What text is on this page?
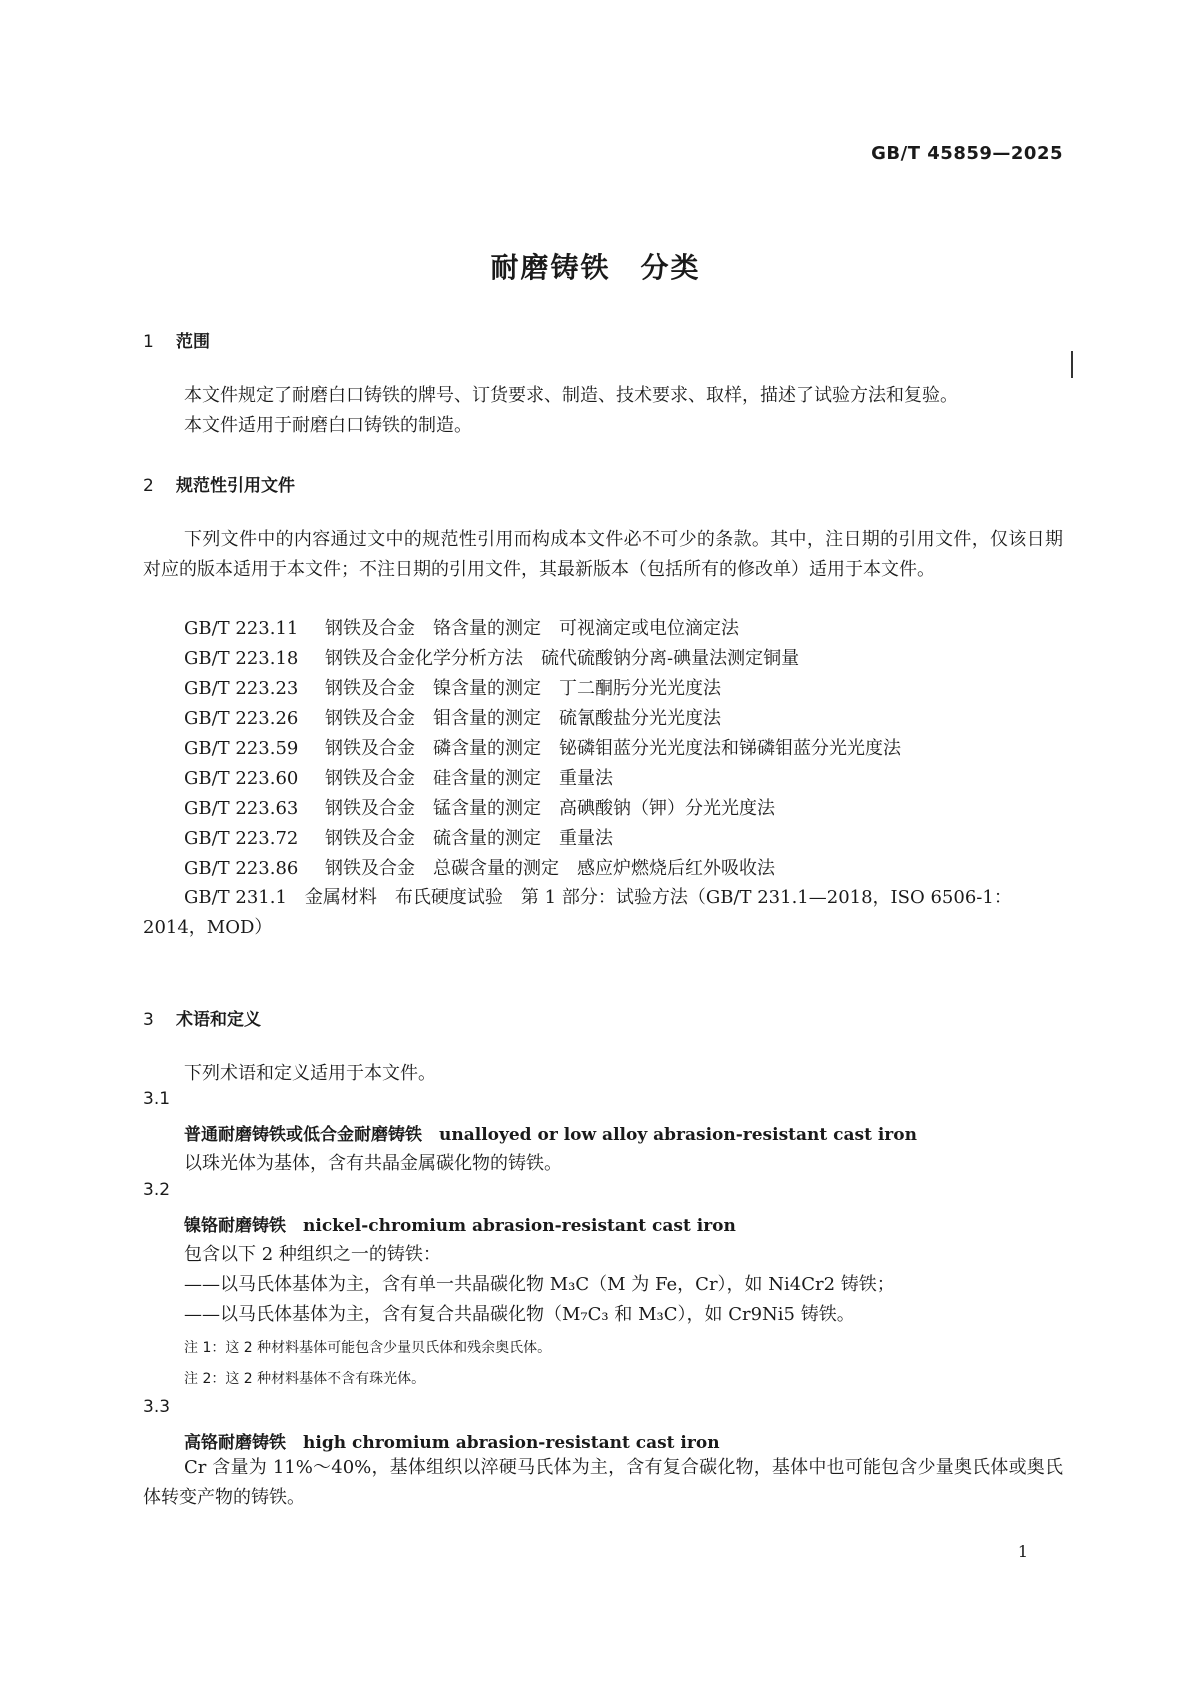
GB/T 45859—2025
耐磨铸铁　分类
1 范围
本文件规定了耐磨白口铸铁的牌号、订货要求、制造、技术要求、取样，描述了试验方法和复验。
本文件适用于耐磨白口铸铁的制造。
2 规范性引用文件
下列文件中的内容通过文中的规范性引用而构成本文件必不可少的条款。其中，注日期的引用文件，仅该日期对应的版本适用于本文件；不注日期的引用文件，其最新版本（包括所有的修改单）适用于本文件。
GB/T 223.11 钢铁及合金　铬含量的测定　可视滴定或电位滴定法
GB/T 223.18 钢铁及合金化学分析方法　硫代硫酸钠分离-碘量法测定铜量
GB/T 223.23 钢铁及合金　镍含量的测定　丁二酮肟分光光度法
GB/T 223.26 钢铁及合金　钼含量的测定　硫氰酸盐分光光度法
GB/T 223.59 钢铁及合金　磷含量的测定　铋磷钼蓝分光光度法和锑磷钼蓝分光光度法
GB/T 223.60 钢铁及合金　硅含量的测定　重量法
GB/T 223.63 钢铁及合金　锰含量的测定　高碘酸钠（钾）分光光度法
GB/T 223.72 钢铁及合金　硫含量的测定　重量法
GB/T 223.86 钢铁及合金　总碳含量的测定　感应炉燃烧后红外吸收法
GB/T 231.1　金属材料　布氏硬度试验　第 1 部分：试验方法（GB/T 231.1—2018，ISO 6506-1：2014，MOD）
3 术语和定义
下列术语和定义适用于本文件。
3.1
普通耐磨铸铁或低合金耐磨铸铁　 unalloyed or low alloy abrasion-resistant cast iron
以珠光体为基体，含有共晶金属碳化物的铸铁。
3.2
镍铬耐磨铸铁　 nickel-chromium abrasion-resistant cast iron
包含以下 2 种组织之一的铸铁：
——以马氏体基体为主，含有单一共晶碳化物 M₃C（M 为 Fe，Cr），如 Ni4Cr2 铸铁；
——以马氏体基体为主，含有复合共晶碳化物（M₇C₃ 和 M₃C），如 Cr9Ni5 铸铁。
注 1：这 2 种材料基体可能包含少量贝氏体和残余奥氏体。
注 2：这 2 种材料基体不含有珠光体。
3.3
高铬耐磨铸铁　 high chromium abrasion-resistant cast iron
Cr 含量为 11%～40%，基体组织以淬硬马氏体为主，含有复合碳化物，基体中也可能包含少量奥氏体或奥氏体转变产物的铸铁。
1
